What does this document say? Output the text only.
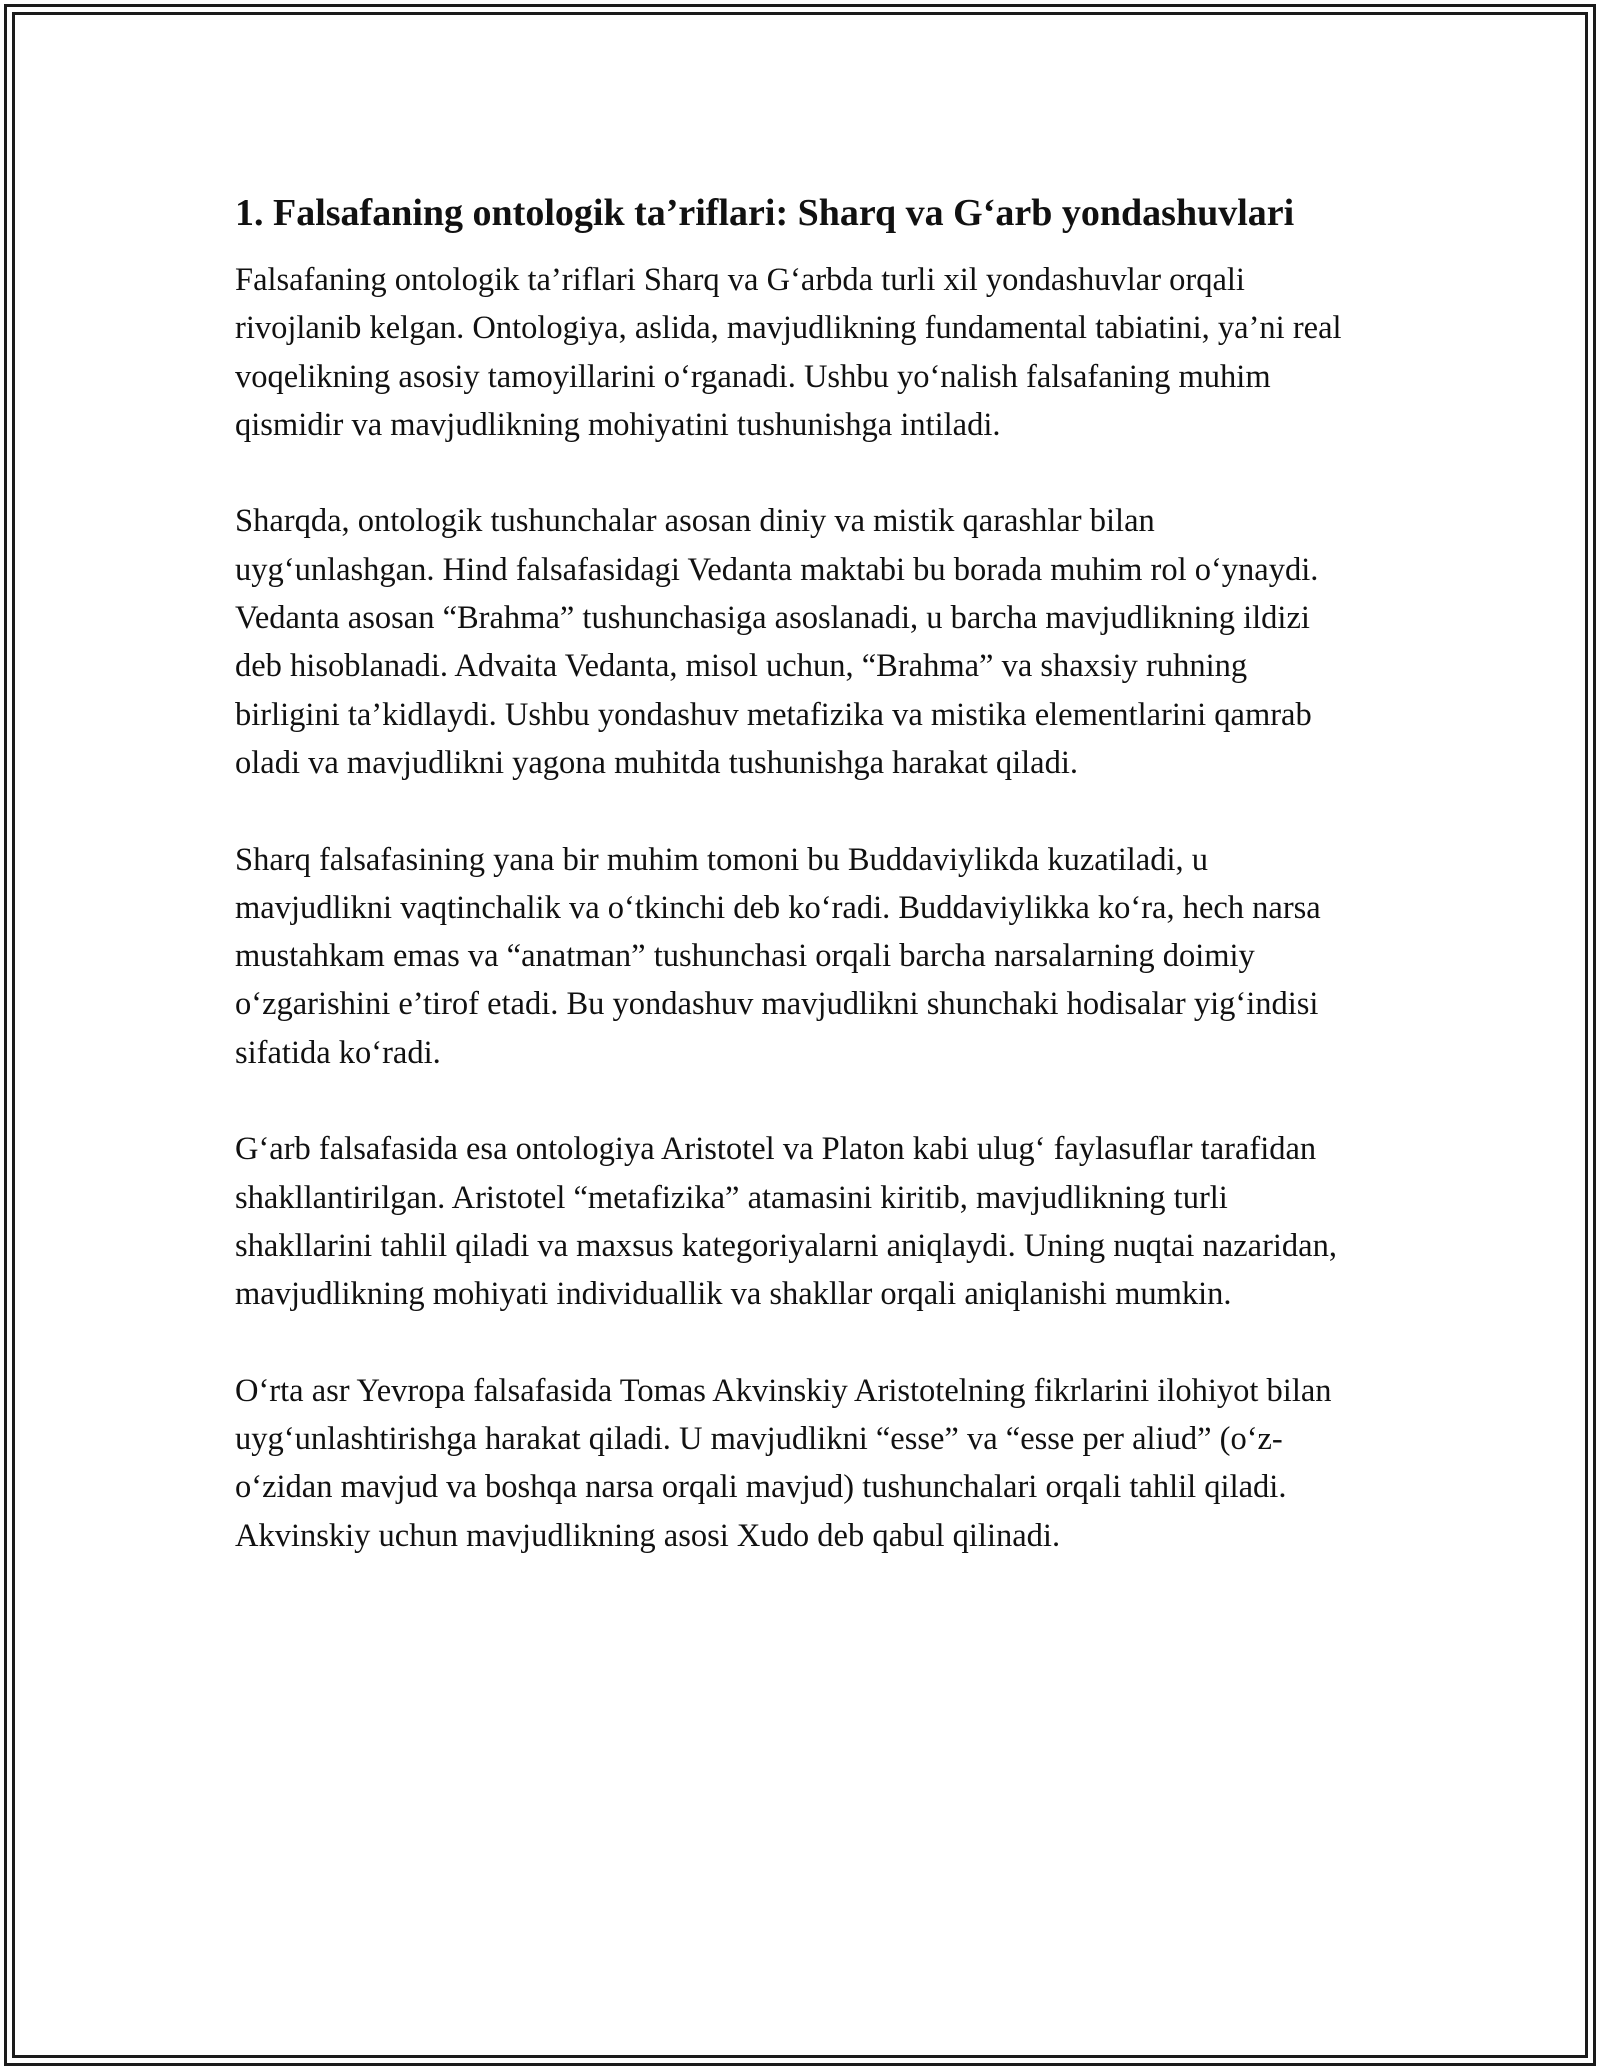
1. Falsafaning ontologik ta’riflari: Sharq va G‘arb yondashuvlari

Falsafaning ontologik ta’riflari Sharq va G‘arbda turli xil yondashuvlar orqali rivojlanib kelgan. Ontologiya, aslida, mavjudlikning fundamental tabiatini, ya’ni real voqelikning asosiy tamoyillarini o‘rganadi. Ushbu yo‘nalish falsafaning muhim qismidir va mavjudlikning mohiyatini tushunishga intiladi.

Sharqda, ontologik tushunchalar asosan diniy va mistik qarashlar bilan uyg‘unlashgan. Hind falsafasidagi Vedanta maktabi bu borada muhim rol o‘ynaydi. Vedanta asosan “Brahma” tushunchasiga asoslanadi, u barcha mavjudlikning ildizi deb hisoblanadi. Advaita Vedanta, misol uchun, “Brahma” va shaxsiy ruhning birligini ta’kidlaydi. Ushbu yondashuv metafizika va mistika elementlarini qamrab oladi va mavjudlikni yagona muhitda tushunishga harakat qiladi.

Sharq falsafasining yana bir muhim tomoni bu Buddaviylikda kuzatiladi, u mavjudlikni vaqtinchalik va o‘tkinchi deb ko‘radi. Buddaviylikka ko‘ra, hech narsa mustahkam emas va “anatman” tushunchasi orqali barcha narsalarning doimiy o‘zgarishini e’tirof etadi. Bu yondashuv mavjudlikni shunchaki hodisalar yig‘indisi sifatida ko‘radi.

G‘arb falsafasida esa ontologiya Aristotel va Platon kabi ulug‘ faylasuflar tarafidan shakllantirilgan. Aristotel “metafizika” atamasini kiritib, mavjudlikning turli shakllarini tahlil qiladi va maxsus kategoriyalarni aniqlaydi. Uning nuqtai nazaridan, mavjudlikning mohiyati individuallik va shakllar orqali aniqlanishi mumkin.

O‘rta asr Yevropa falsafasida Tomas Akvinskiy Aristotelning fikrlarini ilohiyot bilan uyg‘unlashtirishga harakat qiladi. U mavjudlikni “esse” va “esse per aliud” (o‘z-o‘zidan mavjud va boshqa narsa orqali mavjud) tushunchalari orqali tahlil qiladi. Akvinskiy uchun mavjudlikning asosi Xudo deb qabul qilinadi.
